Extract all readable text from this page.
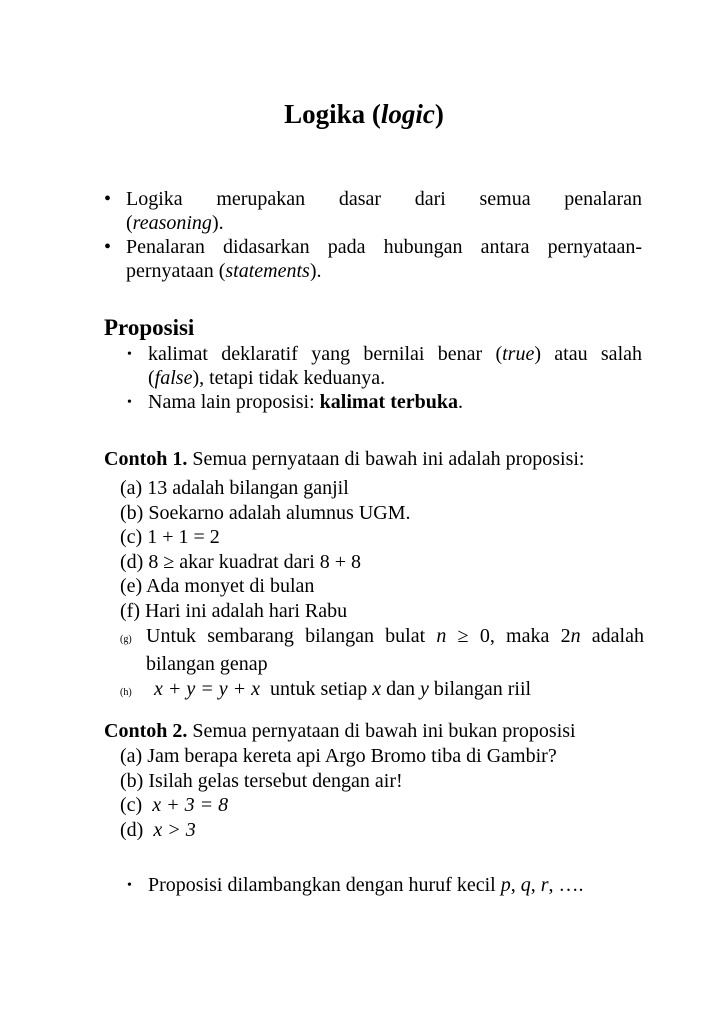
Logika (logic)
• Logika merupakan dasar dari semua penalaran
(reasoning).
• Penalaran didasarkan pada hubungan antara pernyataan-pernyataan (statements).
Proposisi
• kalimat deklaratif yang bernilai benar (true) atau salah (false), tetapi tidak keduanya.
• Nama lain proposisi: kalimat terbuka.
Contoh 1. Semua pernyataan di bawah ini adalah proposisi:
(a) 13 adalah bilangan ganjil
(b) Soekarno adalah alumnus UGM.
(c) 1 + 1 = 2
(d) 8 ≥ akar kuadrat dari 8 + 8
(e) Ada monyet di bulan
(f) Hari ini adalah hari Rabu
(g) Untuk sembarang bilangan bulat n ≥ 0, maka 2n adalah bilangan genap
(h) x + y = y + x  untuk setiap x dan y bilangan riil
Contoh 2. Semua pernyataan di bawah ini bukan proposisi
(a) Jam berapa kereta api Argo Bromo tiba di Gambir?
(b) Isilah gelas tersebut dengan air!
(c)  x + 3 = 8
(d)  x > 3
• Proposisi dilambangkan dengan huruf kecil p, q, r, ….
